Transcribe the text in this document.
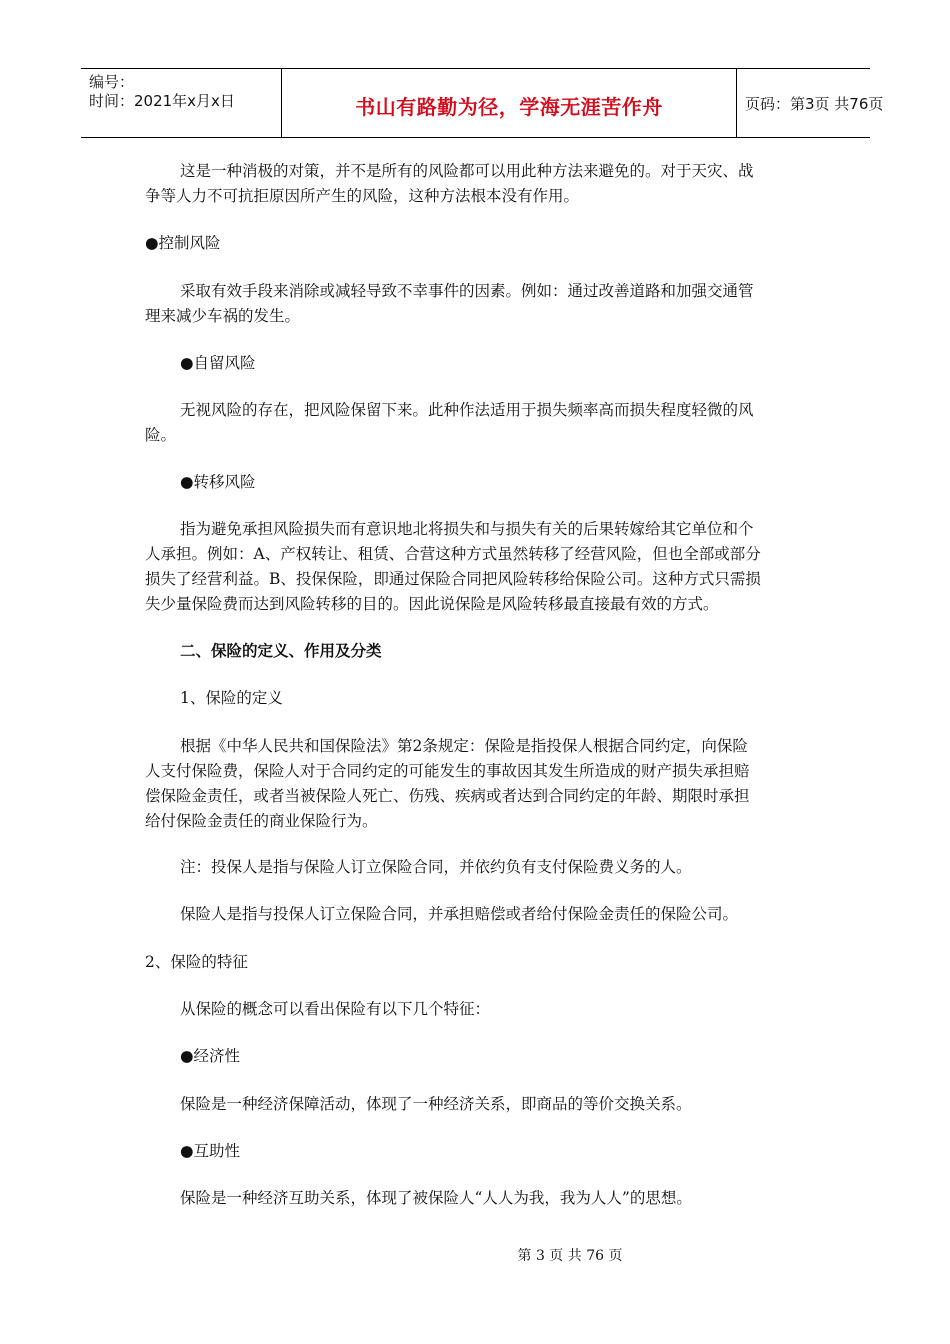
编号：
时间：2021年x月x日	书山有路勤为径，学海无涯苦作舟	页码：第3页 共76页
这是一种消极的对策，并不是所有的风险都可以用此种方法来避免的。对于天灾、战
争等人力不可抗拒原因所产生的风险，这种方法根本没有作用。
●控制风险
采取有效手段来消除或减轻导致不幸事件的因素。例如：通过改善道路和加强交通管
理来减少车祸的发生。
●自留风险
无视风险的存在，把风险保留下来。此种作法适用于损失频率高而损失程度轻微的风
险。
●转移风险
指为避免承担风险损失而有意识地北将损失和与损失有关的后果转嫁给其它单位和个
人承担。例如：A、产权转让、租赁、合营这种方式虽然转移了经营风险，但也全部或部分
损失了经营利益。B、投保保险，即通过保险合同把风险转移给保险公司。这种方式只需损
失少量保险费而达到风险转移的目的。因此说保险是风险转移最直接最有效的方式。
二、保险的定义、作用及分类
1、保险的定义
根据《中华人民共和国保险法》第2条规定：保险是指投保人根据合同约定，向保险
人支付保险费，保险人对于合同约定的可能发生的事故因其发生所造成的财产损失承担赔
偿保险金责任，或者当被保险人死亡、伤残、疾病或者达到合同约定的年龄、期限时承担
给付保险金责任的商业保险行为。
注：投保人是指与保险人订立保险合同，并依约负有支付保险费义务的人。
保险人是指与投保人订立保险合同，并承担赔偿或者给付保险金责任的保险公司。
2、保险的特征
从保险的概念可以看出保险有以下几个特征：
●经济性
保险是一种经济保障活动，体现了一种经济关系，即商品的等价交换关系。
●互助性
保险是一种经济互助关系，体现了被保险人“人人为我，我为人人”的思想。
第 3 页 共 76 页
